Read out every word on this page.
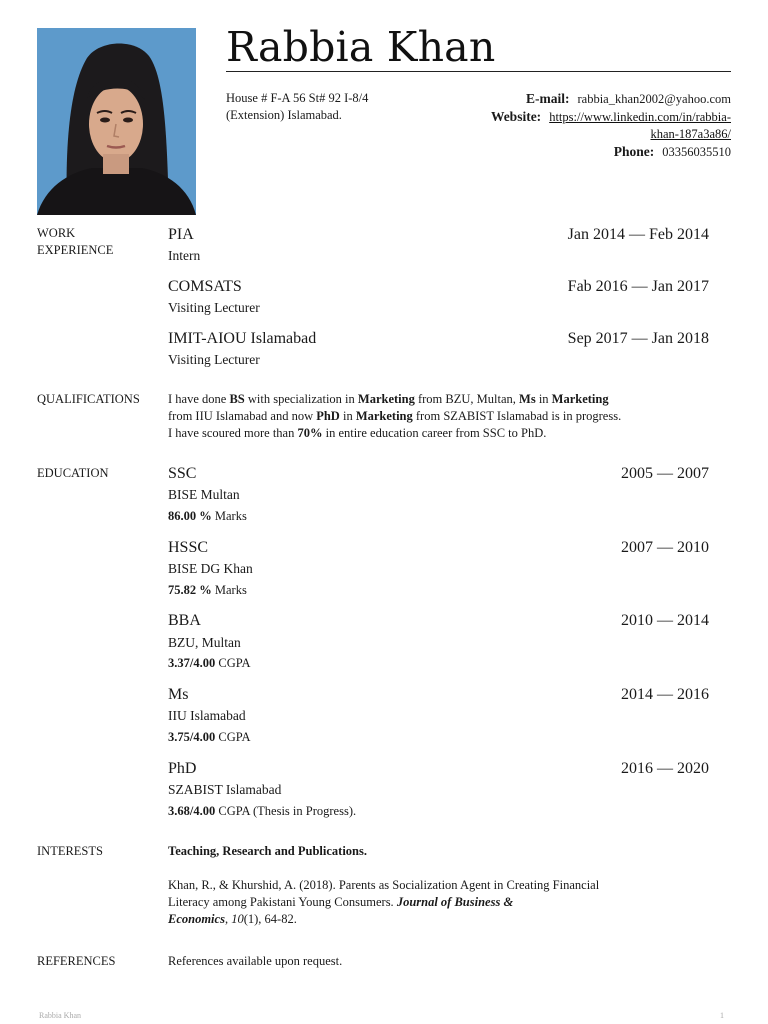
Rabbia Khan
House # F-A 56 St# 92 I-8/4
(Extension) Islamabad.
E-mail: rabbia_khan2002@yahoo.com
Website: https://www.linkedin.com/in/rabbia-
khan-187a3a86/
Phone: 03356035510
WORK
EXPERIENCE
PIA	Jan 2014 — Feb 2014
Intern
COMSATS	Fab 2016 — Jan 2017
Visiting Lecturer
IMIT-AIOU Islamabad	Sep 2017 — Jan 2018
Visiting Lecturer
QUALIFICATIONS	I have done BS with specialization in Marketing from BZU, Multan, Ms in Marketing
from IIU Islamabad and now PhD in Marketing from SZABIST Islamabad is in progress.
I have scoured more than 70% in entire education career from SSC to PhD.
EDUCATION	SSC	2005 — 2007
BISE Multan
86.00 % Marks
HSSC	2007 — 2010
BISE DG Khan
75.82 % Marks
BBA	2010 — 2014
BZU, Multan
3.37/4.00 CGPA
Ms	2014 — 2016
IIU Islamabad
3.75/4.00 CGPA
PhD	2016 — 2020
SZABIST Islamabad
3.68/4.00 CGPA (Thesis in Progress).
INTERESTS	Teaching, Research and Publications.
Khan, R., & Khurshid, A. (2018). Parents as Socialization Agent in Creating Financial
Literacy among Pakistani Young Consumers. Journal of Business &
Economics, 10(1), 64-82.
REFERENCES	References available upon request.
Rabbia Khan	1
